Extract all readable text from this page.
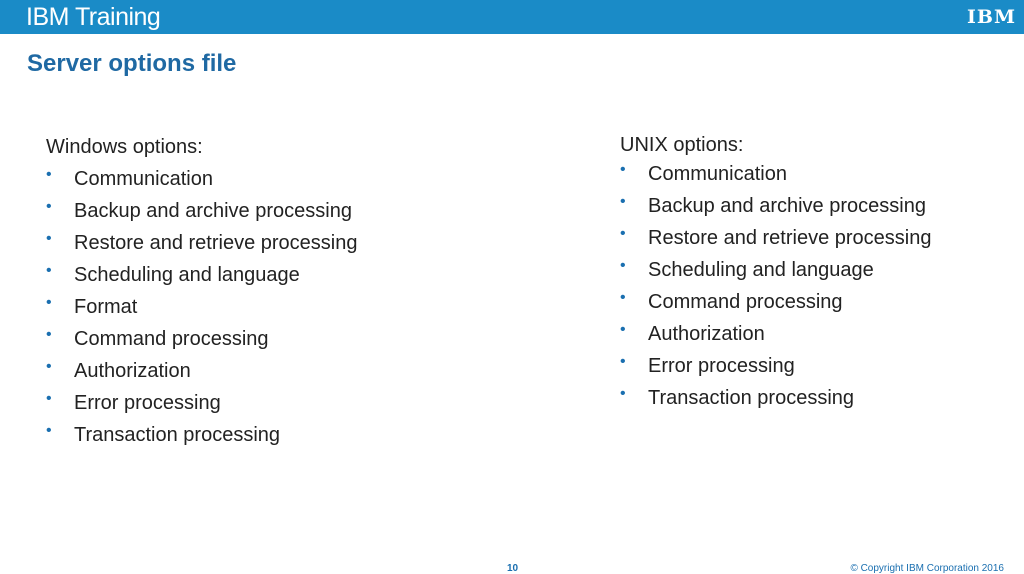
IBM Training	IBM
Server options file
Windows options:
• Communication
• Backup and archive processing
• Restore and retrieve processing
• Scheduling and language
• Format
• Command processing
• Authorization
• Error processing
• Transaction processing
UNIX options:
• Communication
• Backup and archive processing
• Restore and retrieve processing
• Scheduling and language
• Command processing
• Authorization
• Error processing
• Transaction processing
10	© Copyright IBM Corporation 2016
